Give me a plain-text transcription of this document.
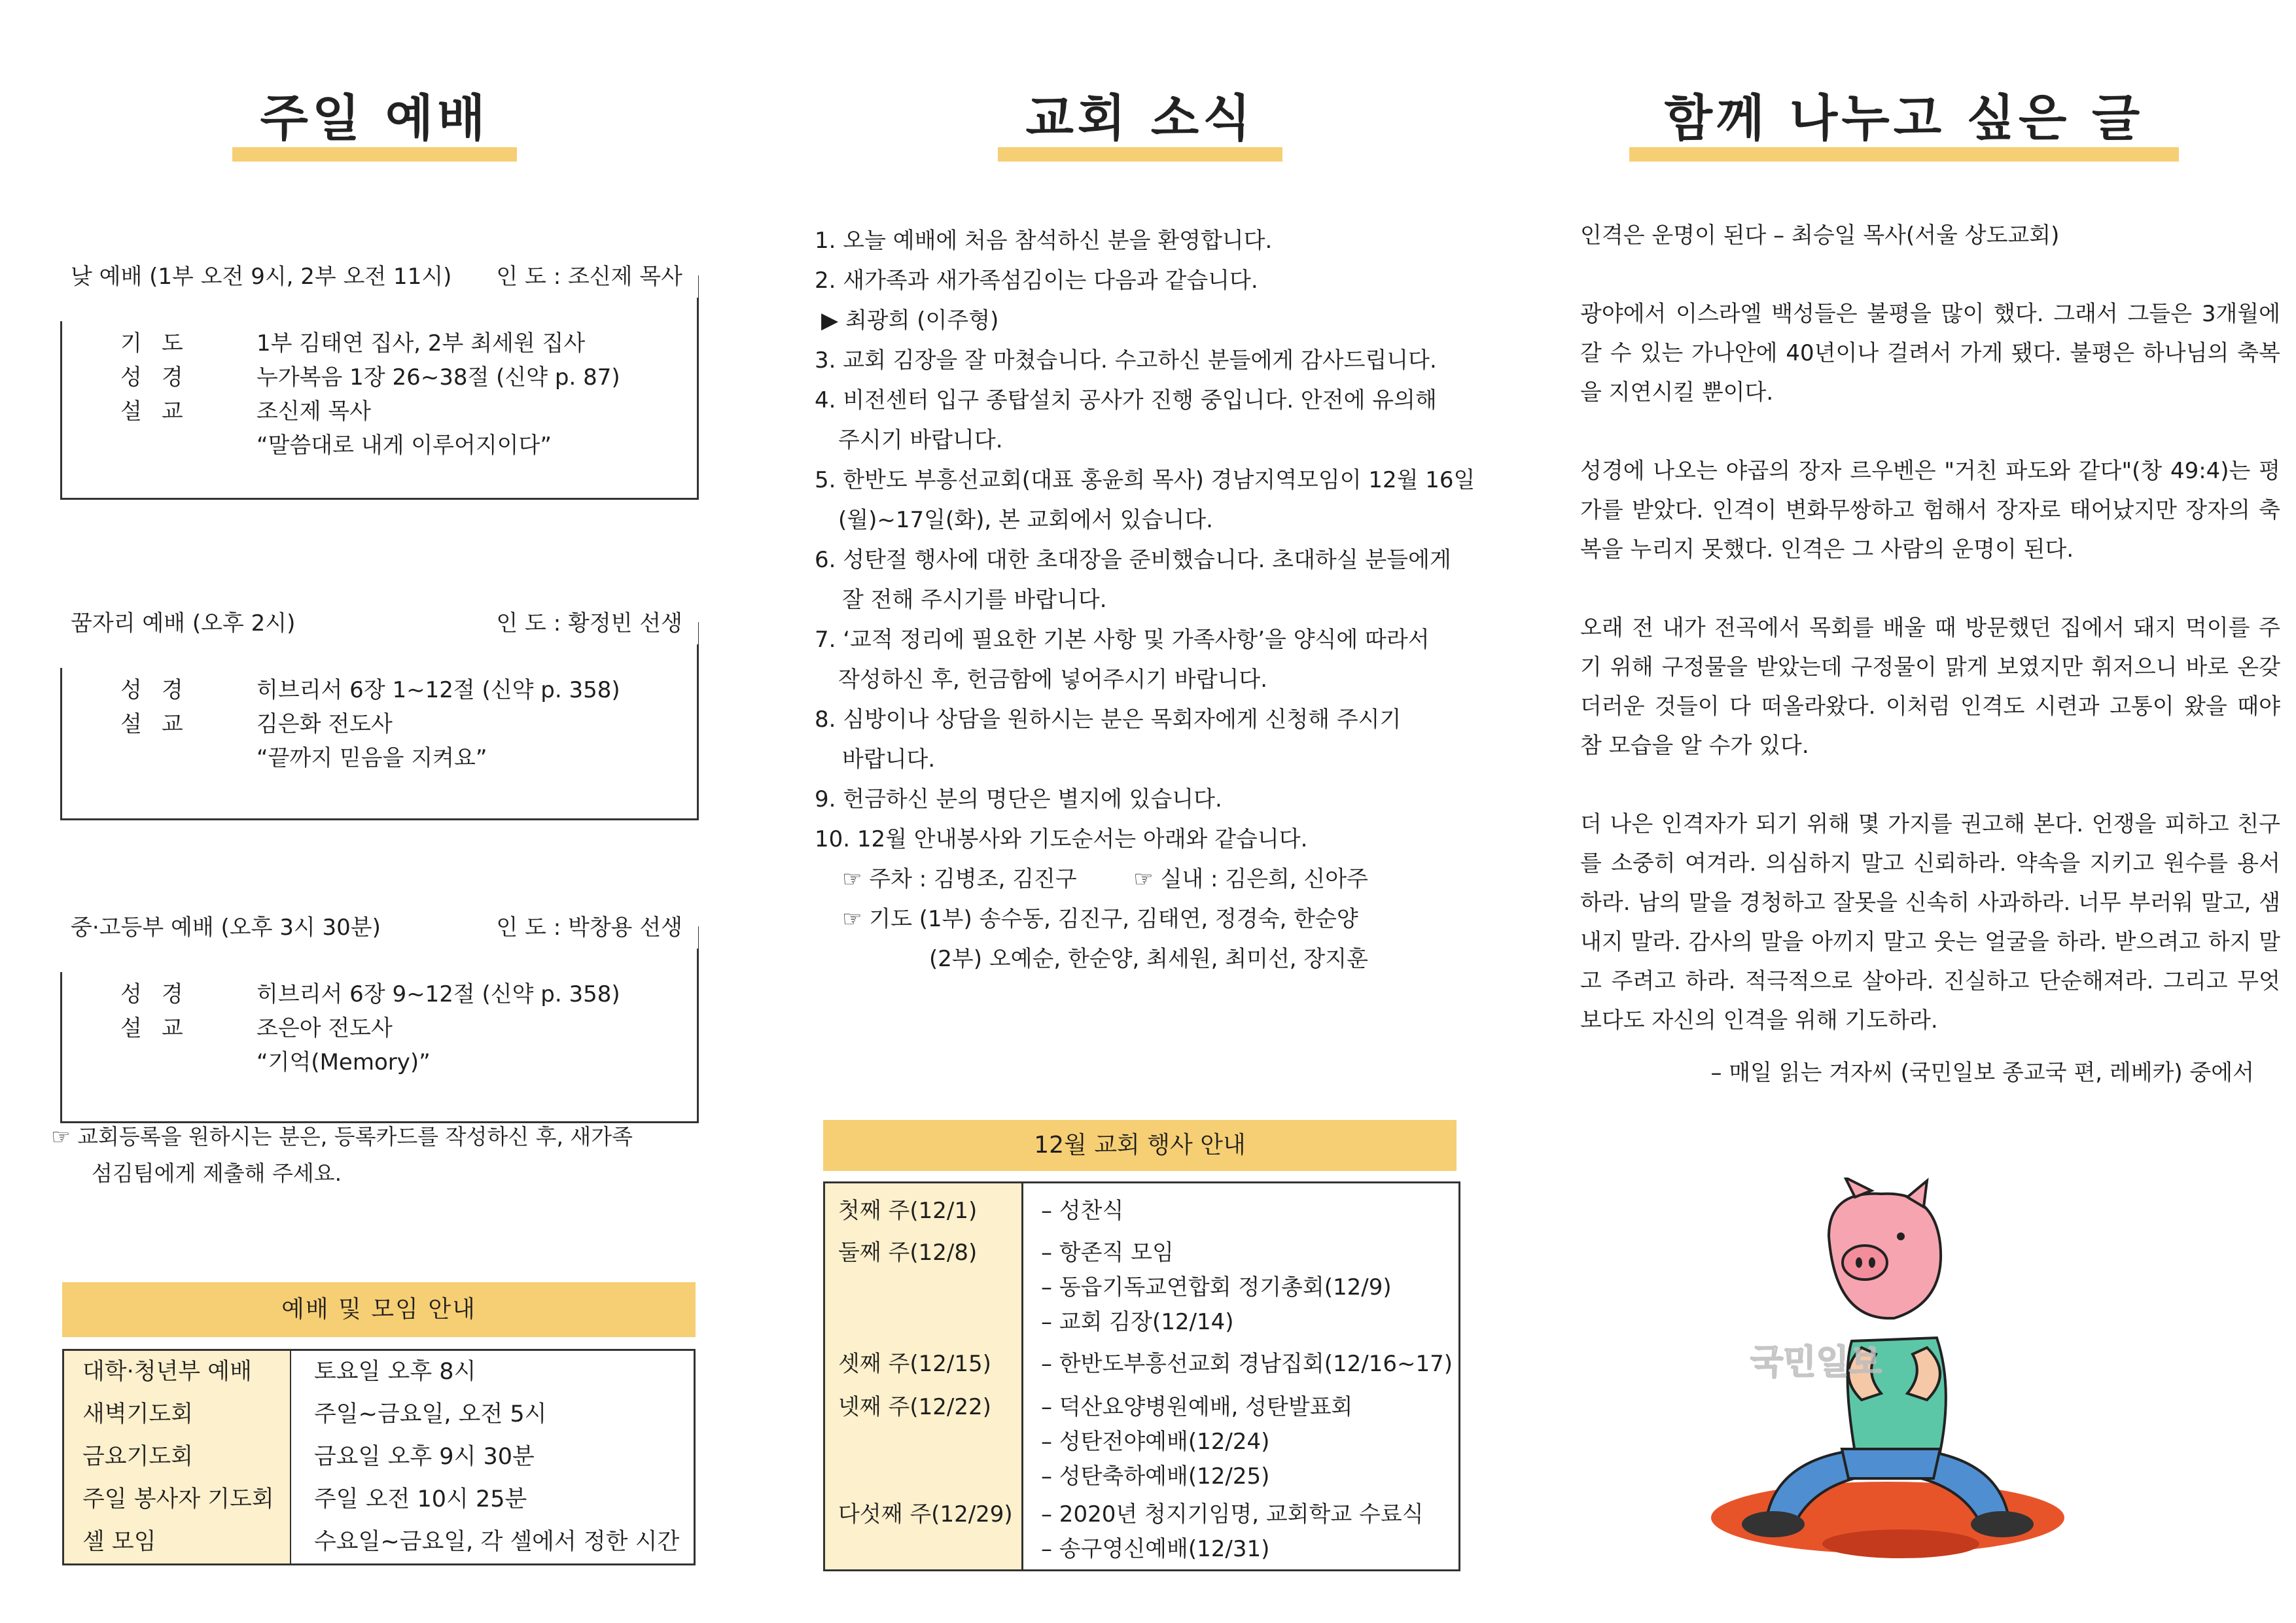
주일 예배
낮 예배 (1부 오전 9시, 2부 오전 11시) 인 도 : 조신제 목사
기도	1부 김태연 집사, 2부 최세원 집사
성경	누가복음 1장 26~38절 (신약 p. 87)
설교	조신제 목사
“말씀대로 내게 이루어지이다”
꿈자리 예배 (오후 2시)	인 도 : 황정빈 선생
성경	히브리서 6장 1~12절 (신약 p. 358)
설교	김은화 전도사
“끝까지 믿음을 지켜요”
중·고등부 예배 (오후 3시 30분)	인 도 : 박창용 선생
성경	히브리서 6장 9~12절 (신약 p. 358)
설교	조은아 전도사
“기억(Memory)”
☞ 교회등록을 원하시는 분은, 등록카드를 작성하신 후, 새가족
섬김팀에게 제출해 주세요.
예배 및 모임 안내
대학·청년부 예배	토요일 오후 8시
새벽기도회	주일~금요일, 오전 5시
금요기도회	금요일 오후 9시 30분
주일 봉사자 기도회 주일 오전 10시 25분
셀 모임	수요일~금요일, 각 셀에서 정한 시간
교회 소식
1. 오늘 예배에 처음 참석하신 분을 환영합니다.
2. 새가족과 새가족섬김이는 다음과 같습니다.
▶ 최광희 (이주형)
3. 교회 김장을 잘 마쳤습니다. 수고하신 분들에게 감사드립니다.
4. 비전센터 입구 종탑설치 공사가 진행 중입니다. 안전에 유의해
주시기 바랍니다.
5. 한반도 부흥선교회(대표 홍윤희 목사) 경남지역모임이 12월 16일
(월)~17일(화), 본 교회에서 있습니다.
6. 성탄절 행사에 대한 초대장을 준비했습니다. 초대하실 분들에게
잘 전해 주시기를 바랍니다.
7. ‘교적 정리에 필요한 기본 사항 및 가족사항’을 양식에 따라서
작성하신 후, 헌금함에 넣어주시기 바랍니다.
8. 심방이나 상담을 원하시는 분은 목회자에게 신청해 주시기
바랍니다.
9. 헌금하신 분의 명단은 별지에 있습니다.
10. 12월 안내봉사와 기도순서는 아래와 같습니다.
☞ 주차 : 김병조, 김진구        ☞ 실내 : 김은희, 신아주
☞ 기도 (1부) 송수동, 김진구, 김태연, 정경숙, 한순양
(2부) 오예순, 한순양, 최세원, 최미선, 장지훈
12월 교회 행사 안내
첫째 주(12/1)	– 성찬식
둘째 주(12/8)	– 항존직 모임
– 동읍기독교연합회 정기총회(12/9)
– 교회 김장(12/14)
셋째 주(12/15) – 한반도부흥선교회 경남집회(12/16~17)
넷째 주(12/22) – 덕산요양병원예배, 성탄발표회
– 성탄전야예배(12/24)
– 성탄축하예배(12/25)
다섯째 주(12/29) – 2020년 청지기임명, 교회학교 수료식
– 송구영신예배(12/31)
함께 나누고 싶은 글

인격은 운명이 된다 – 최승일 목사(서울 상도교회)

광야에서 이스라엘 백성들은 불평을 많이 했다. 그래서 그들은 3개월에 갈 수 있는 가나안에 40년이나 걸려서 가게 됐다. 불평은 하나님의 축복을 지연시킬 뿐이다.

성경에 나오는 야곱의 장자 르우벤은 "거친 파도와 같다"(창 49:4)는 평가를 받았다. 인격이 변화무쌍하고 험해서 장자로 태어났지만 장자의 축복을 누리지 못했다. 인격은 그 사람의 운명이 된다.

오래 전 내가 전곡에서 목회를 배울 때 방문했던 집에서 돼지 먹이를 주기 위해 구정물을 받았는데 구정물이 맑게 보였지만 휘저으니 바로 온갖 더러운 것들이 다 떠올라왔다. 이처럼 인격도 시련과 고통이 왔을 때야 참 모습을 알 수가 있다.

더 나은 인격자가 되기 위해 몇 가지를 권고해 본다. 언쟁을 피하고 친구를 소중히 여겨라. 의심하지 말고 신뢰하라. 약속을 지키고 원수를 용서하라. 남의 말을 경청하고 잘못을 신속히 사과하라. 너무 부러워 말고, 샘내지 말라. 감사의 말을 아끼지 말고 웃는 얼굴을 하라. 받으려고 하지 말고 주려고 하라. 적극적으로 살아라. 진실하고 단순해져라. 그리고 무엇보다도 자신의 인격을 위해 기도하라.

– 매일 읽는 겨자씨 (국민일보 종교국 편, 레베카) 중에서

국민일보
